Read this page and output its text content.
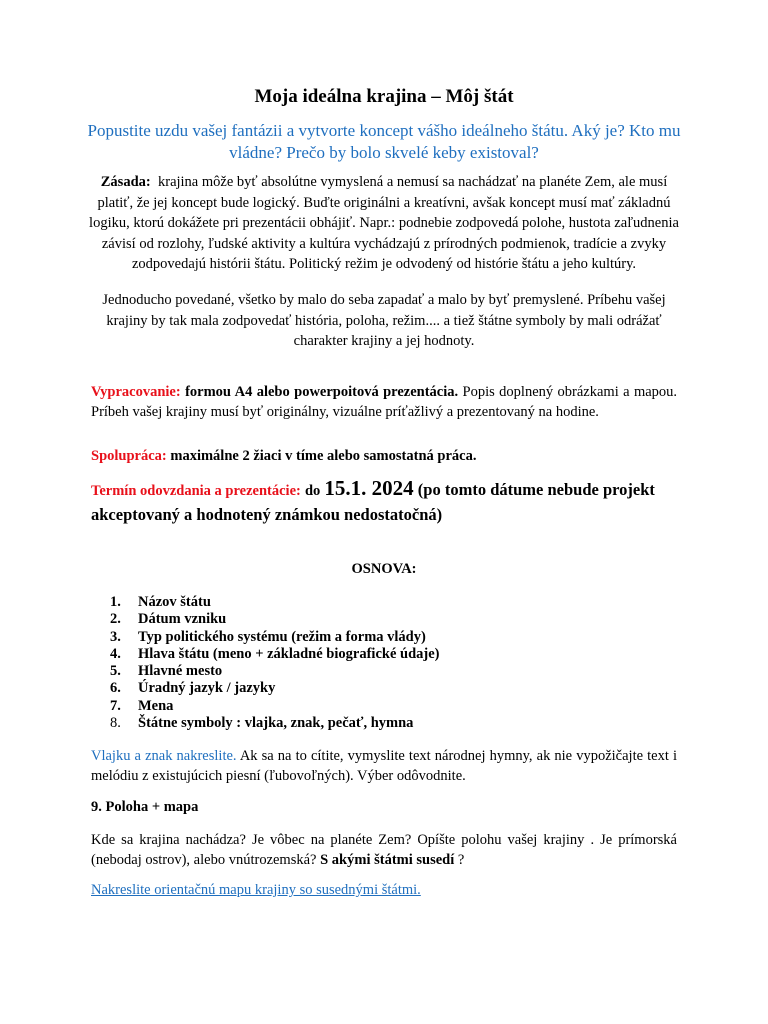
Moja ideálna krajina – Môj štát
Popustite uzdu vašej fantázii a vytvorte koncept vášho ideálneho štátu. Aký je? Kto mu vládne? Prečo by bolo skvelé keby existoval?
Zásada: krajina môže byť absolútne vymyslená a nemusí sa nachádzať na planéte Zem, ale musí platiť, že jej koncept bude logický. Buďte originálni a kreatívni, avšak koncept musí mať základnú logiku, ktorú dokážete pri prezentácii obhájiť. Napr.: podnebie zodpovedá polohe, hustota zaľudnenia závisí od rozlohy, ľudské aktivity a kultúra vychádzajú z prírodných podmienok, tradície a zvyky zodpovedajú histórii štátu. Politický režim je odvodený od histórie štátu a jeho kultúry.
Jednoducho povedané, všetko by malo do seba zapadať a malo by byť premyslené. Príbehu vašej krajiny by tak mala zodpovedať história, poloha, režim.... a tiež štátne symboly by mali odrážať charakter krajiny a jej hodnoty.
Vypracovanie: formou A4 alebo powerpoitová prezentácia. Popis doplnený obrázkami a mapou. Príbeh vašej krajiny musí byť originálny, vizuálne príťažlivý a prezentovaný na hodine.
Spolupráca: maximálne 2 žiaci v tíme alebo samostatná práca.
Termín odovzdania a prezentácie: do 15.1. 2024 (po tomto dátume nebude projekt akceptovaný a hodnotený známkou nedostatočná)
OSNOVA:
1.	Názov štátu
2.	Dátum vzniku
3.	Typ politického systému (režim a forma vlády)
4.	Hlava štátu (meno + základné biografické údaje)
5.	Hlavné mesto
6.	Úradný jazyk / jazyky
7.	Mena
8.	Štátne symboly : vlajka, znak, pečať, hymna
Vlajku a znak nakreslite. Ak sa na to cítite, vymyslite text národnej hymny, ak nie vypožičajte text i melódiu z existujúcich piesní (ľubovoľných). Výber odôvodnite.
9. Poloha + mapa
Kde sa krajina nachádza? Je vôbec na planéte Zem? Opíšte polohu vašej krajiny . Je prímorská (nebodaj ostrov), alebo vnútrozemská? S akými štátmi susedí ?
Nakreslite orientačnú mapu krajiny so susednými štátmi.
